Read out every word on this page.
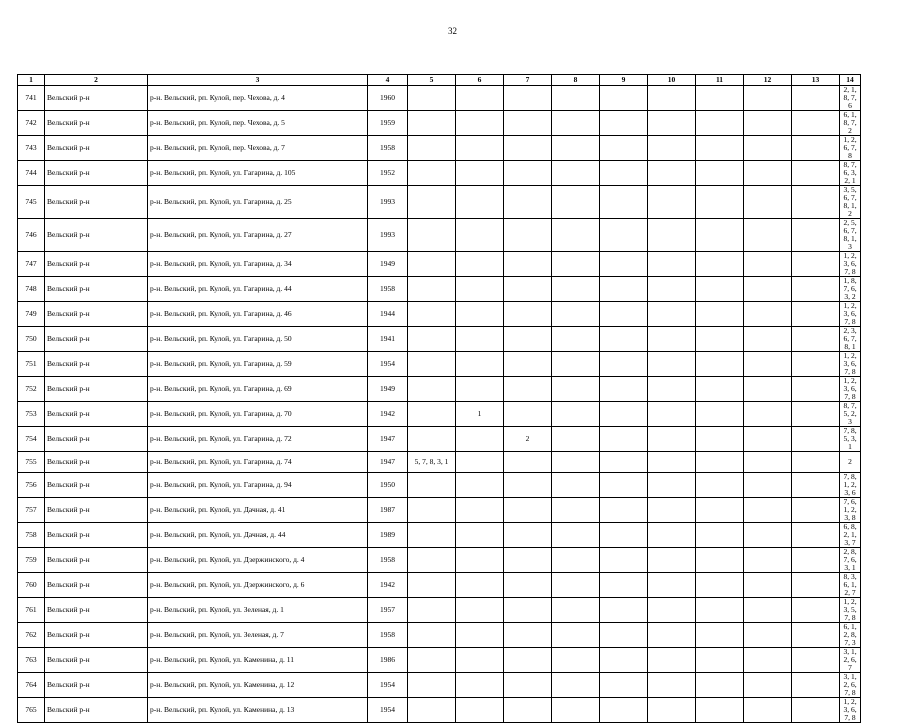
32
1	2	3	4	5	6	7	8	9	10	11	12	13	14
741	Вельский р-н	р-н. Вельский, рп. Кулой, пер. Чехова, д. 4	1960										2, 1, 8, 7, 6
742	Вельский р-н	р-н. Вельский, рп. Кулой, пер. Чехова, д. 5	1959										6, 1, 8, 7, 2
743	Вельский р-н	р-н. Вельский, рп. Кулой, пер. Чехова, д. 7	1958										1, 2, 6, 7, 8
744	Вельский р-н	р-н. Вельский, рп. Кулой, ул. Гагарина, д. 105	1952										8, 7, 6, 3, 2, 1
745	Вельский р-н	р-н. Вельский, рп. Кулой, ул. Гагарина, д. 25	1993										3, 5, 6, 7, 8, 1, 2
746	Вельский р-н	р-н. Вельский, рп. Кулой, ул. Гагарина, д. 27	1993										2, 5, 6, 7, 8, 1, 3
747	Вельский р-н	р-н. Вельский, рп. Кулой, ул. Гагарина, д. 34	1949										1, 2, 3, 6, 7, 8
748	Вельский р-н	р-н. Вельский, рп. Кулой, ул. Гагарина, д. 44	1958										1, 8, 7, 6, 3, 2
749	Вельский р-н	р-н. Вельский, рп. Кулой, ул. Гагарина, д. 46	1944										1, 2, 3, 6, 7, 8
750	Вельский р-н	р-н. Вельский, рп. Кулой, ул. Гагарина, д. 50	1941										2, 3, 6, 7, 8, 1
751	Вельский р-н	р-н. Вельский, рп. Кулой, ул. Гагарина, д. 59	1954										1, 2, 3, 6, 7, 8
752	Вельский р-н	р-н. Вельский, рп. Кулой, ул. Гагарина, д. 69	1949										1, 2, 3, 6, 7, 8
753	Вельский р-н	р-н. Вельский, рп. Кулой, ул. Гагарина, д. 70	1942		1								8, 7, 5, 2, 3
754	Вельский р-н	р-н. Вельский, рп. Кулой, ул. Гагарина, д. 72	1947			2							7, 8, 5, 3, 1
755	Вельский р-н	р-н. Вельский, рп. Кулой, ул. Гагарина, д. 74	1947	5, 7, 8, 3, 1									2
756	Вельский р-н	р-н. Вельский, рп. Кулой, ул. Гагарина, д. 94	1950										7, 8, 1, 2, 3, 6
757	Вельский р-н	р-н. Вельский, рп. Кулой, ул. Дачная, д. 41	1987										7, 6, 1, 2, 3, 8
758	Вельский р-н	р-н. Вельский, рп. Кулой, ул. Дачная, д. 44	1989										6, 8, 2, 1, 3, 7
759	Вельский р-н	р-н. Вельский, рп. Кулой, ул. Дзержинского, д. 4	1958										2, 8, 7, 6, 3, 1
760	Вельский р-н	р-н. Вельский, рп. Кулой, ул. Дзержинского, д. 6	1942										8, 3, 6, 1, 2, 7
761	Вельский р-н	р-н. Вельский, рп. Кулой, ул. Зеленая, д. 1	1957										1, 2, 3, 5, 7, 8
762	Вельский р-н	р-н. Вельский, рп. Кулой, ул. Зеленая, д. 7	1958										6, 1, 2, 8, 7, 3
763	Вельский р-н	р-н. Вельский, рп. Кулой, ул. Каменина, д. 11	1986										3, 1, 2, 6, 7
764	Вельский р-н	р-н. Вельский, рп. Кулой, ул. Каменина, д. 12	1954										3, 1, 2, 6, 7, 8
765	Вельский р-н	р-н. Вельский, рп. Кулой, ул. Каменина, д. 13	1954										1, 2, 3, 6, 7, 8
